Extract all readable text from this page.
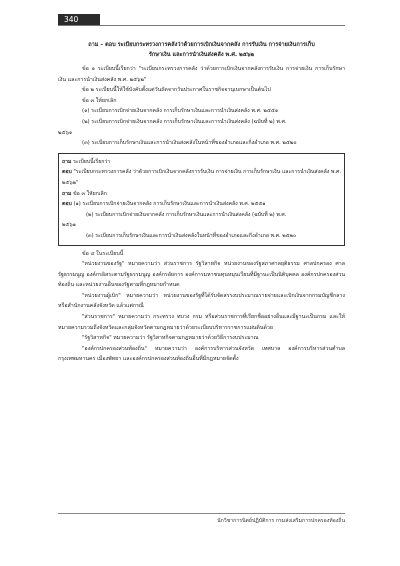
340
ถาม – ตอบ ระเบียบกระทรวงการคลังว่าด้วยการเบิกเงินจากคลัง การรับเงิน การจ่ายเงินการเก็บ
รักษาเงิน และการนำเงินส่งคลัง พ.ศ. ๒๕๖๒
ข้อ ๑ ระเบียบนี้เรียกว่า "ระเบียบกระทรวงการคลัง ว่าด้วยการเบิกเงินจากคลังการรับเงิน การจ่ายเงิน การเก็บรักษาเงิน และการนำเงินส่งคลัง พ.ศ. ๒๕๖๒"
ข้อ ๒ ระเบียบนี้ให้ใช้บังคับตั้งแต่วันถัดจากวันประกาศในราชกิจจานุเบกษาเป็นต้นไป
ข้อ ๓ ให้ยกเลิก
(๑) ระเบียบการเบิกจ่ายเงินจากคลัง การเก็บรักษาเงินและการนำเงินส่งคลัง พ.ศ. ๒๕๕๑
(๒) ระเบียบการเบิกจ่ายเงินจากคลัง การเก็บรักษาเงินและการนำเงินส่งคลัง (ฉบับที่ ๒) พ.ศ.
๒๕๖๑
(๓) ระเบียบการเก็บรักษาเงินและการนำเงินส่งคลังในหน้าที่ของอำเภอและกิ่งอำเภอ พ.ศ. ๒๕๒๐
ถาม ระเบียบนี้เรียกว่า
ตอบ "ระเบียบกระทรวงการคลัง ว่าด้วยการเบิกเงินจากคลังการรับเงิน การจ่ายเงิน การเก็บรักษาเงิน และการนำเงินส่งคลัง พ.ศ. ๒๕๖๒"
ถาม ข้อ ๓ ให้ยกเลิก
ตอบ (๑) ระเบียบการเบิกจ่ายเงินจากคลัง การเก็บรักษาเงินและการนำเงินส่งคลัง พ.ศ. ๒๕๕๑
(๒) ระเบียบการเบิกจ่ายเงินจากคลัง การเก็บรักษาเงินและการนำเงินส่งคลัง (ฉบับที่ ๒) พ.ศ.
๒๕๖๑
(๓) ระเบียบการเก็บรักษาเงินและการนำเงินส่งคลังในหน้าที่ของอำเภอและกิ่งอำเภอ พ.ศ. ๒๕๒๐
ข้อ ๔ ในระเบียบนี้
"หน่วยงานของรัฐ" หมายความว่า ส่วนราชการ รัฐวิสาหกิจ หน่วยงานของรัฐสภาศาลยุติธรรม ศาลปกครอง ศาลรัฐธรรมนูญ องค์กรอิสระตามรัฐธรรมนูญ องค์กรอัยการ องค์การมหาชนทุนหมุนเวียนที่มีฐานะเป็นนิติบุคคล องค์กรปกครองส่วนท้องถิ่น และหน่วยงานอื่นของรัฐตามที่กฎหมายกำหนด
"หน่วยงานผู้เบิก" หมายความว่า หน่วยงานของรัฐที่ได้รับจัดสรรงบประมาณรายจ่ายและเบิกเงินจากกรมบัญชีกลางหรือสำนักงานคลังจังหวัด แล้วแต่กรณี
"ส่วนราชการ" หมายความว่า กระทรวง ทบวง กรม หรือส่วนราชการที่เรียกชื่ออย่างอื่นและมีฐานะเป็นกรม และให้หมายความรวมถึงจังหวัดและกลุ่มจังหวัดตามกฎหมายว่าด้วยระเบียบบริหารราชการแผ่นดินด้วย
"รัฐวิสาหกิจ" หมายความว่า รัฐวิสาหกิจตามกฎหมายว่าด้วยวิธีการงบประมาณ
"องค์กรปกครองส่วนท้องถิ่น" หมายความว่า องค์การบริหารส่วนจังหวัด เทศบาล องค์การบริหารส่วนตำบล กรุงเทพมหานคร เมืองพัทยา และองค์กรปกครองส่วนท้องถิ่นอื่นที่มีกฎหมายจัดตั้ง
นักวิชาการนิตย์ปฏิบัติการ กรมส่งเสริมการปกครองท้องถิ่น
